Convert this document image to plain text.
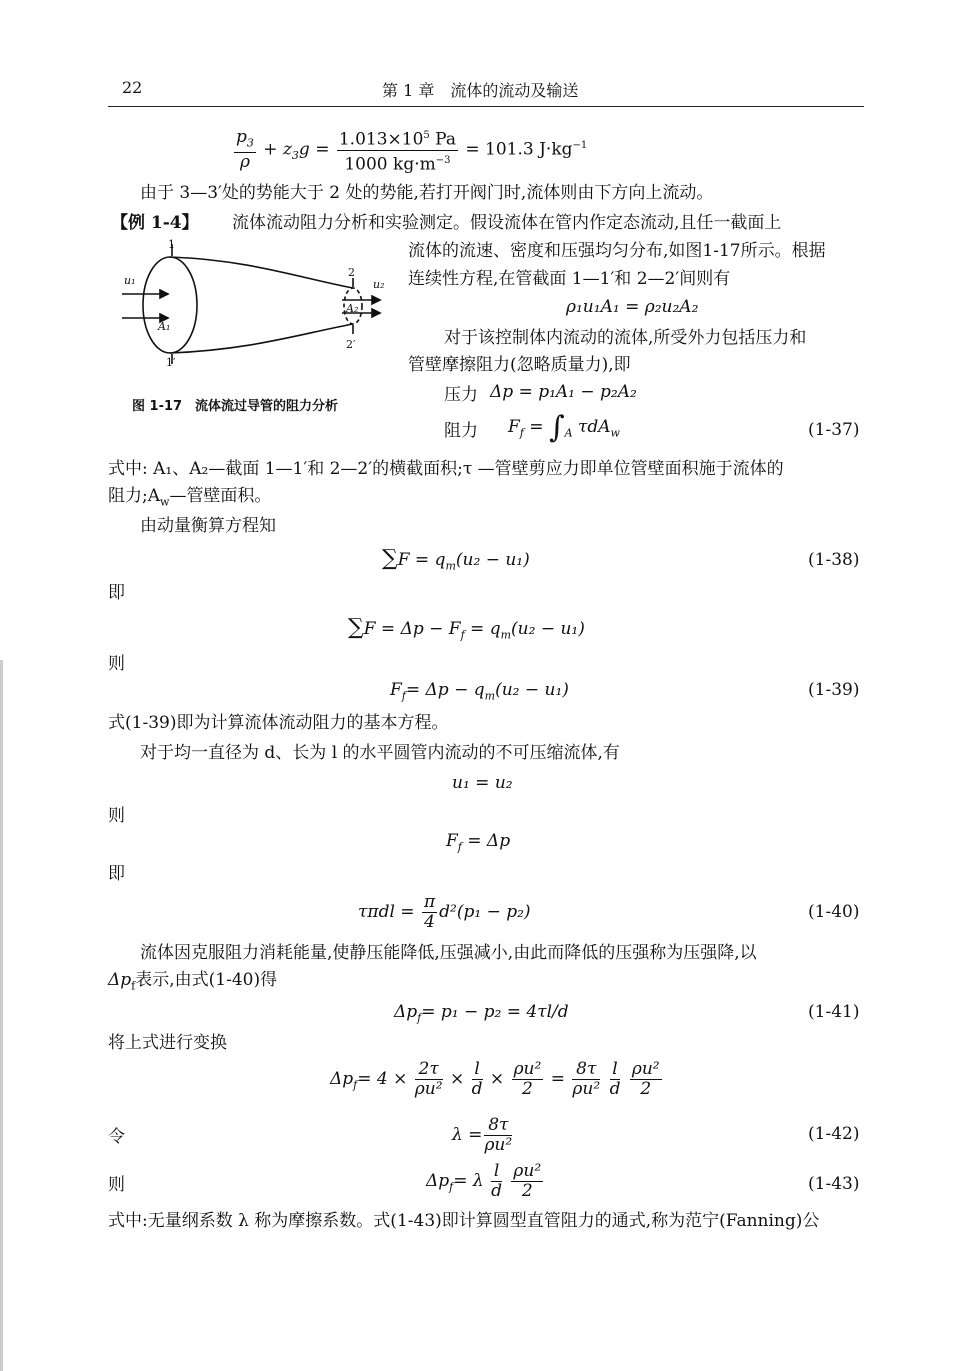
22	第 1 章　流体的流动及输送
$\frac{p_3}{\rho} + z_3g = \frac{1.013\times 10^5 Pa}{1000 kg\cdot m^{-3}} = 101.3$ $J\cdot kg^{-1}$
由于 3—3′处的势能大于 2 处的势能,若打开阀门时,流体则由下方向上流动。
【例 1-4】 流体流动阻力分析和实验测定。假设流体在管内作定态流动,且任一截面上
流体的流速、密度和压强均匀分布,如图1-17所示。根据
连续性方程,在管截面 1—1′和 2—2′间则有
ρ₁u₁A₁ = ρ₂u₂A₂
对于该控制体内流动的流体,所受外力包括压力和
管壁摩擦阻力(忽略质量力),即
压力 Δp = p₁A₁ − p₂A₂
阻力 $F_f = \int_A$ τdA$_w$	(1-37)
1
1′
u₁
A₁
2
2′
u₂
A₂
图 1-17　流体流过导管的阻力分析
式中: A₁、A₂—截面 1—1′和 2—2′的横截面积;τ —管壁剪应力即单位管壁面积施于流体的
阻力$;A_w—$管壁面积。
由动量衡算方程知
$\sum F = q_m(u_2 - u_1)$	(1-38)
即
$\sum F = \Delta p - F_f = q_m(u_2 - u_1)$
则
$F_f= \Delta p - q_m(u_2 - u_1)$	(1-39)
式(1-39)即为计算流体流动阻力的基本方程。
对于均一直径为 d、长为 l 的水平圆管内流动的不可压缩流体,有
u₁ = u₂
则
$F_f = \Delta p$
即
$\tau\pi dl = \frac{\pi}{4} d^2(p_1 - p_2)$	(1-40)
流体因克服阻力消耗能量,使静压能降低,压强减小,由此而降低的压强称为压强降,以
$\Delta p_f$表示,由式(1-40)得
$\Delta p_f= p_1 - p_2 = 4\tau l/d$	(1-41)
将上式进行变换
$\Delta p_f= 4 \times \frac{2\tau}{\text{ρu²}} \times \frac{l}{d} \times \frac{\text{ρu²}}{2} = \frac{8\tau}{\text{ρu²}}$
$\frac{l}{d}$
$\frac{\text{ρu²}}{2}$
令	$\lambda = \frac{8\tau}{\text{ρu²}}$	(1-42)
则	$\Delta p_f= \lambda \frac{l}{d}$
$\frac{\text{ρu²}}{2}$	(1-43)
式中:无量纲系数 λ 称为摩擦系数。式(1-43)即计算圆型直管阻力的通式,称为范宁(Fanning)公
